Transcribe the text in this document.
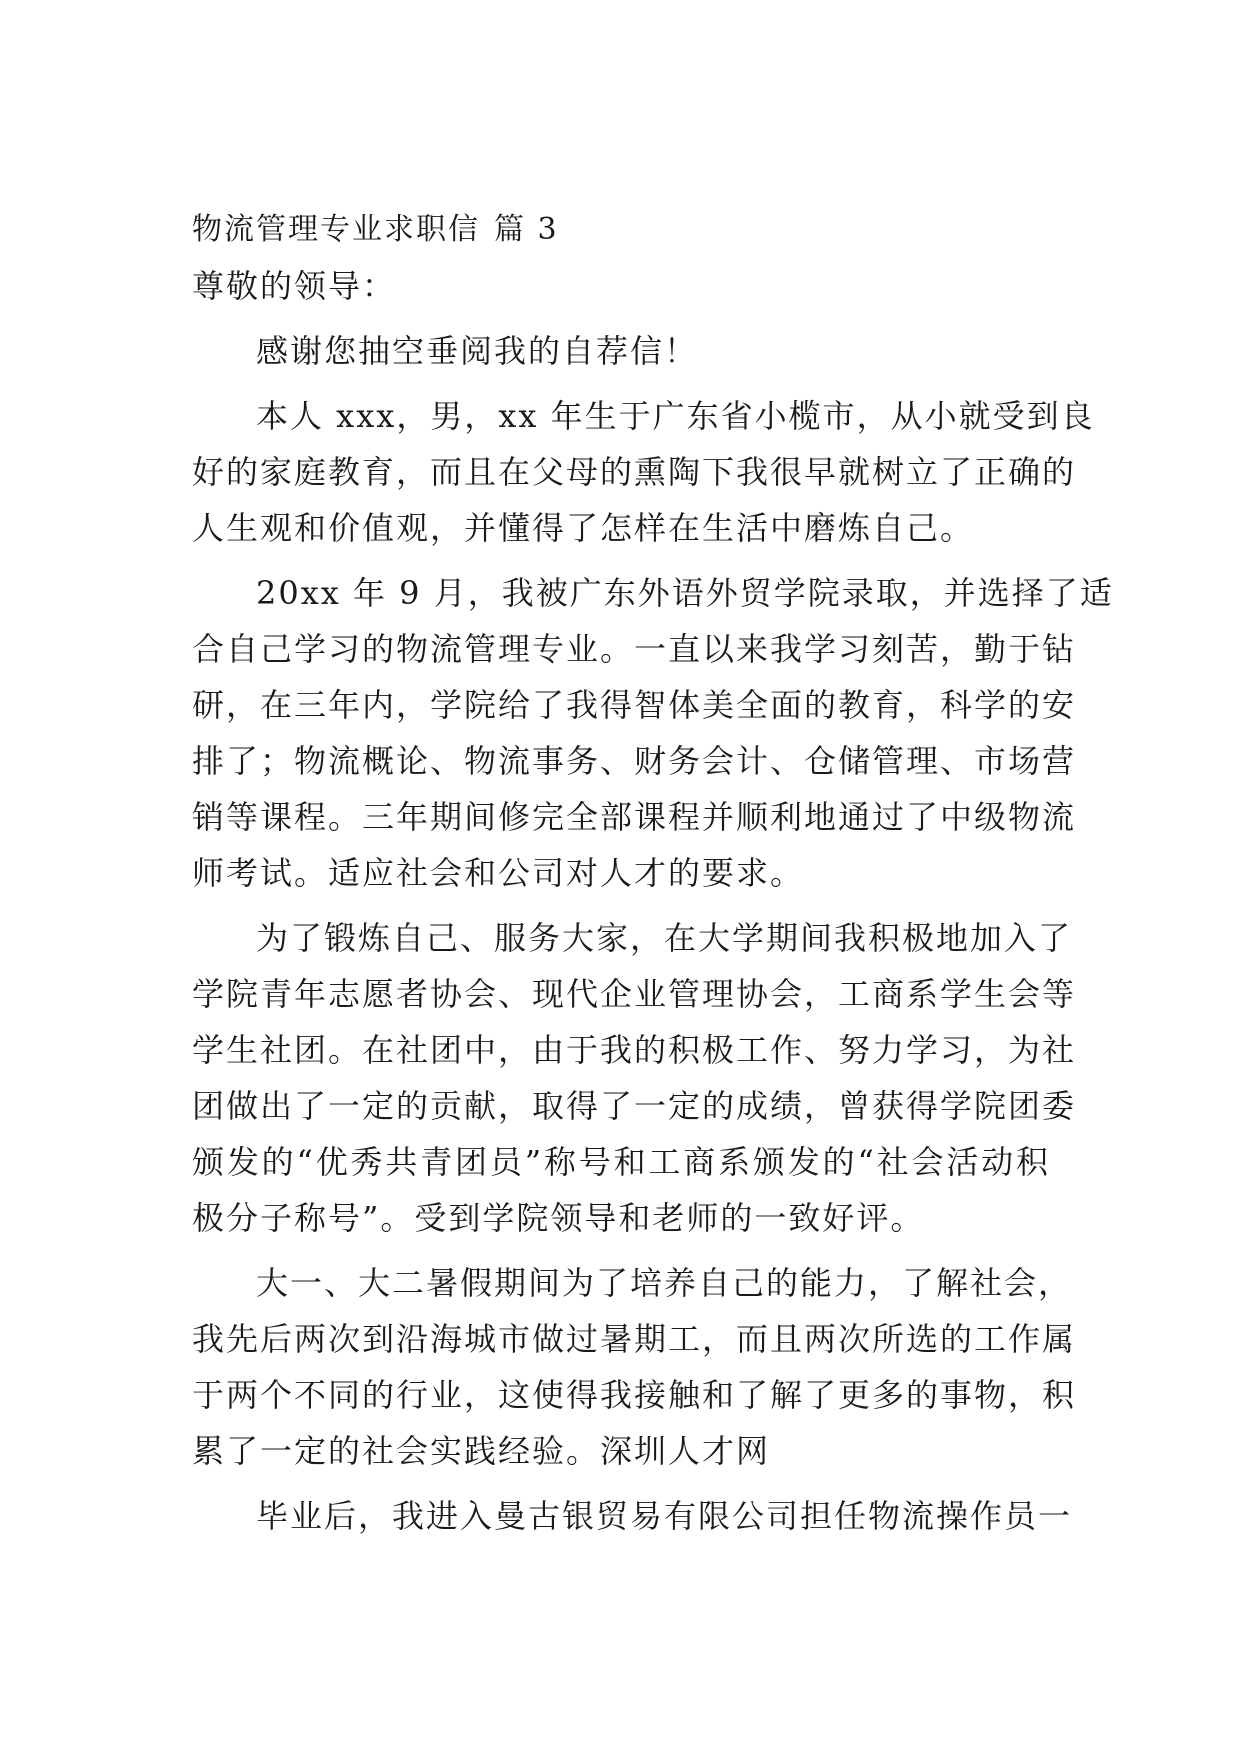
物流管理专业求职信 篇 3
尊敬的领导：
感谢您抽空垂阅我的自荐信！
本人 xxx，男，xx 年生于广东省小榄市，从小就受到良
好的家庭教育，而且在父母的熏陶下我很早就树立了正确的
人生观和价值观，并懂得了怎样在生活中磨炼自己。
20xx 年 9 月，我被广东外语外贸学院录取，并选择了适
合自己学习的物流管理专业。一直以来我学习刻苦，勤于钻
研，在三年内，学院给了我得智体美全面的教育，科学的安
排了；物流概论、物流事务、财务会计、仓储管理、市场营
销等课程。三年期间修完全部课程并顺利地通过了中级物流
师考试。适应社会和公司对人才的要求。
为了锻炼自己、服务大家，在大学期间我积极地加入了
学院青年志愿者协会、现代企业管理协会，工商系学生会等
学生社团。在社团中，由于我的积极工作、努力学习，为社
团做出了一定的贡献，取得了一定的成绩，曾获得学院团委
颁发的“优秀共青团员”称号和工商系颁发的“社会活动积
极分子称号”。受到学院领导和老师的一致好评。
大一、大二暑假期间为了培养自己的能力，了解社会，
我先后两次到沿海城市做过暑期工，而且两次所选的工作属
于两个不同的行业，这使得我接触和了解了更多的事物，积
累了一定的社会实践经验。深圳人才网
毕业后，我进入曼古银贸易有限公司担任物流操作员一
